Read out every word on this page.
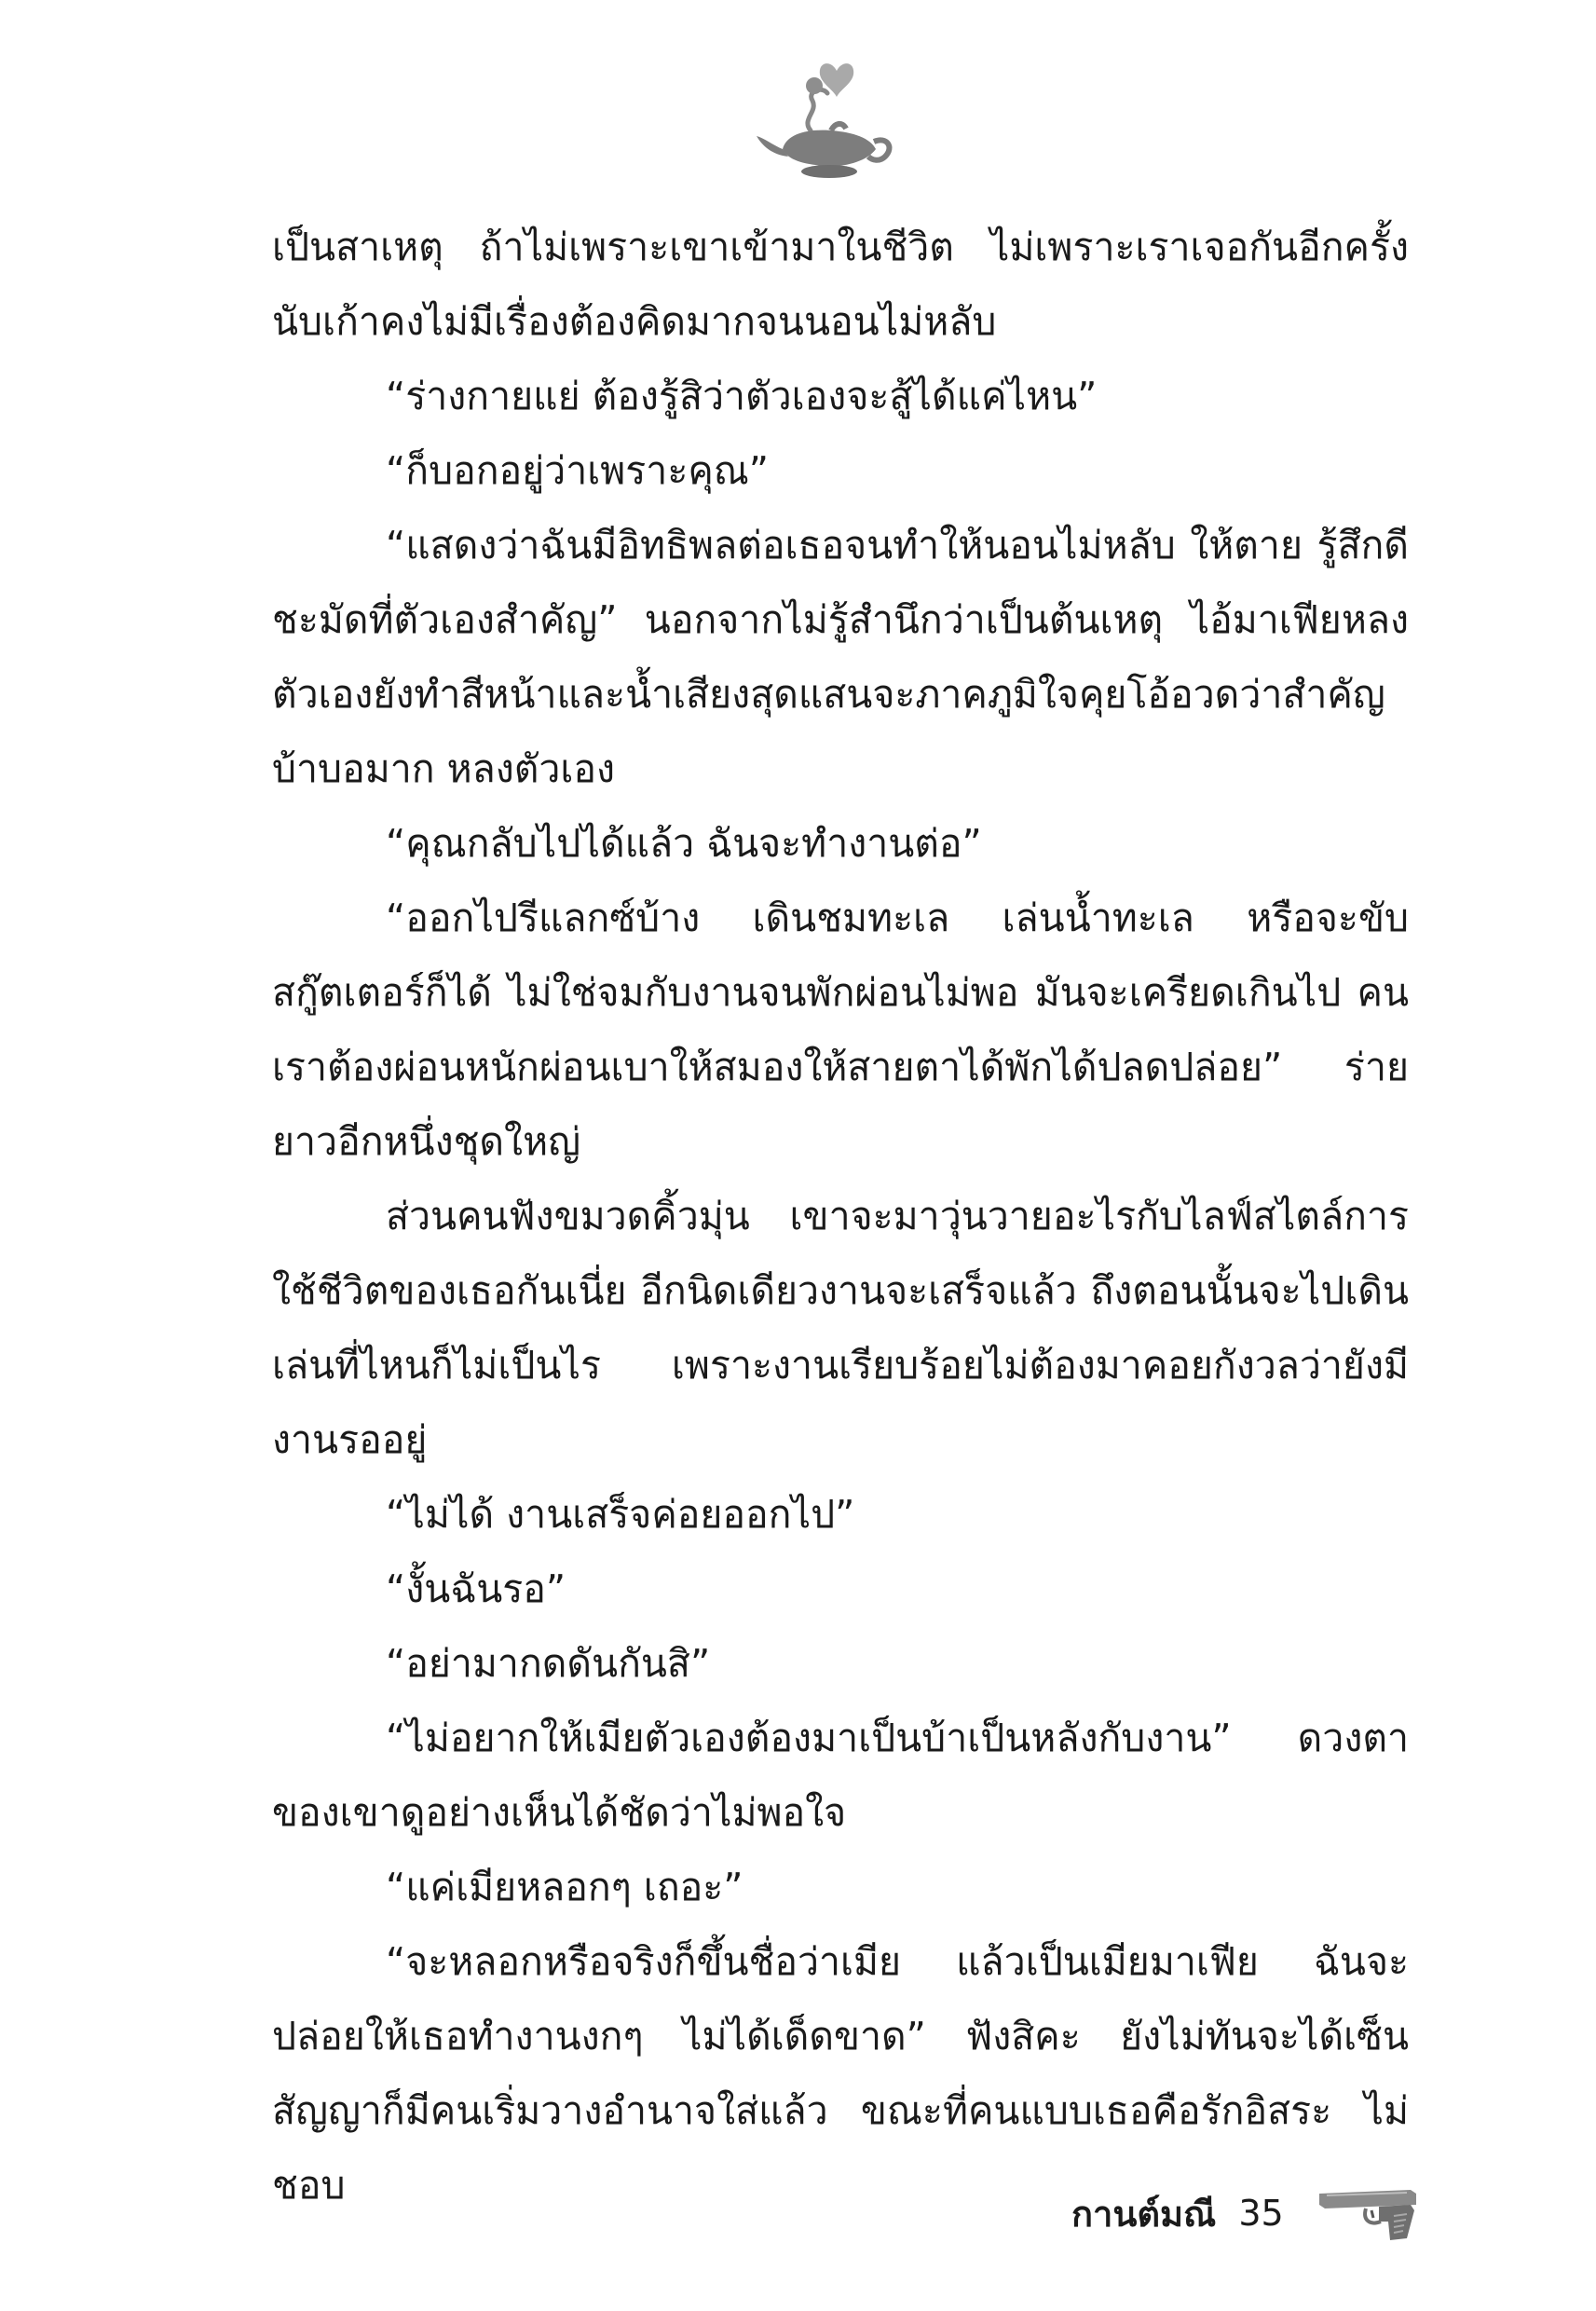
เป็นสาเหตุ ถ้าไม่เพราะเขาเข้ามาในชีวิต ไม่เพราะเราเจอกันอีกครั้ง นับเก้าคงไม่มีเรื่องต้องคิดมากจนนอนไม่หลับ

“ร่างกายแย่ ต้องรู้สิว่าตัวเองจะสู้ได้แค่ไหน”

“ก็บอกอยู่ว่าเพราะคุณ”

“แสดงว่าฉันมีอิทธิพลต่อเธอจนทำให้นอนไม่หลับ ให้ตาย รู้สึกดีชะมัดที่ตัวเองสำคัญ” นอกจากไม่รู้สำนึกว่าเป็นต้นเหตุ ไอ้มาเฟียหลงตัวเองยังทำสีหน้าและน้ำเสียงสุดแสนจะภาคภูมิใจคุยโอ้อวดว่าสำคัญ บ้าบอมาก หลงตัวเอง

“คุณกลับไปได้แล้ว ฉันจะทำงานต่อ”

“ออกไปรีแลกซ์บ้าง เดินชมทะเล เล่นน้ำทะเล หรือจะขับสกู๊ตเตอร์ก็ได้ ไม่ใช่จมกับงานจนพักผ่อนไม่พอ มันจะเครียดเกินไป คนเราต้องผ่อนหนักผ่อนเบาให้สมองให้สายตาได้พักได้ปลดปล่อย” ร่ายยาวอีกหนึ่งชุดใหญ่

ส่วนคนฟังขมวดคิ้วมุ่น เขาจะมาวุ่นวายอะไรกับไลฟ์สไตล์การใช้ชีวิตของเธอกันเนี่ย อีกนิดเดียวงานจะเสร็จแล้ว ถึงตอนนั้นจะไปเดินเล่นที่ไหนก็ไม่เป็นไร เพราะงานเรียบร้อยไม่ต้องมาคอยกังวลว่ายังมีงานรออยู่

“ไม่ได้ งานเสร็จค่อยออกไป”

“งั้นฉันรอ”

“อย่ามากดดันกันสิ”

“ไม่อยากให้เมียตัวเองต้องมาเป็นบ้าเป็นหลังกับงาน” ดวงตาของเขาดูอย่างเห็นได้ชัดว่าไม่พอใจ

“แค่เมียหลอกๆ เถอะ”

“จะหลอกหรือจริงก็ขึ้นชื่อว่าเมีย แล้วเป็นเมียมาเฟีย ฉันจะปล่อยให้เธอทำงานงกๆ ไม่ได้เด็ดขาด” ฟังสิคะ ยังไม่ทันจะได้เซ็นสัญญาก็มีคนเริ่มวางอำนาจใส่แล้ว ขณะที่คนแบบเธอคือรักอิสระ ไม่ชอบ

กานต์มณี 35
